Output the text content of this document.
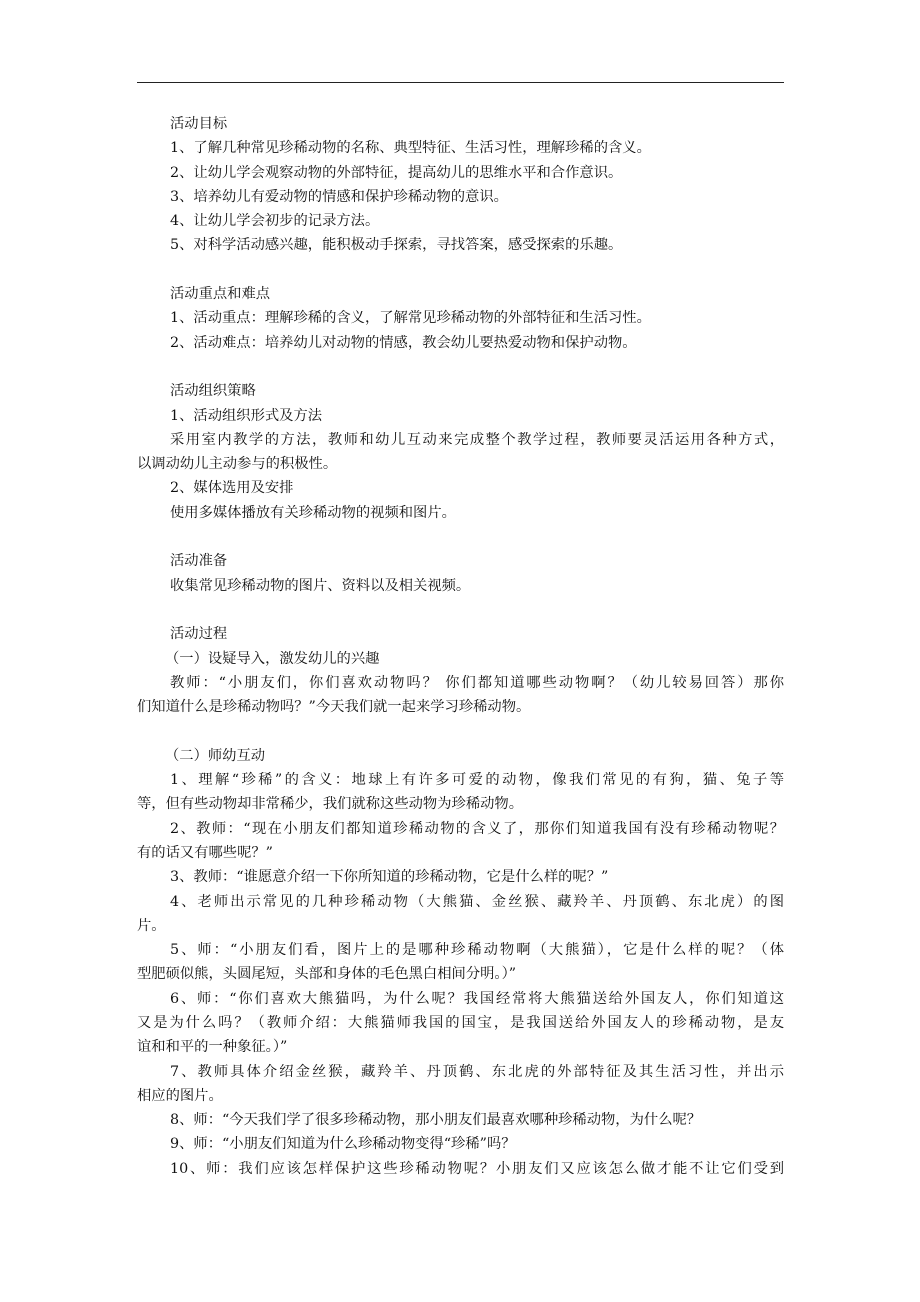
活动目标
1、了解几种常见珍稀动物的名称、典型特征、生活习性，理解珍稀的含义。
2、让幼儿学会观察动物的外部特征，提高幼儿的思维水平和合作意识。
3、培养幼儿有爱动物的情感和保护珍稀动物的意识。
4、让幼儿学会初步的记录方法。
5、对科学活动感兴趣，能积极动手探索，寻找答案，感受探索的乐趣。
活动重点和难点
1、活动重点：理解珍稀的含义，了解常见珍稀动物的外部特征和生活习性。
2、活动难点：培养幼儿对动物的情感，教会幼儿要热爱动物和保护动物。
活动组织策略
1、活动组织形式及方法
采用室内教学的方法，教师和幼儿互动来完成整个教学过程，教师要灵活运用各种方式，
以调动幼儿主动参与的积极性。
2、媒体选用及安排
使用多媒体播放有关珍稀动物的视频和图片。
活动准备
收集常见珍稀动物的图片、资料以及相关视频。
活动过程
（一）设疑导入，激发幼儿的兴趣
教师：“小朋友们，你们喜欢动物吗？ 你们都知道哪些动物啊？（幼儿较易回答）那你
们知道什么是珍稀动物吗？”今天我们就一起来学习珍稀动物。
（二）师幼互动
1、理解“珍稀”的含义：地球上有许多可爱的动物，像我们常见的有狗，猫、兔子等
等，但有些动物却非常稀少，我们就称这些动物为珍稀动物。
2、教师：“现在小朋友们都知道珍稀动物的含义了，那你们知道我国有没有珍稀动物呢？
有的话又有哪些呢？”
3、教师：“谁愿意介绍一下你所知道的珍稀动物，它是什么样的呢？”
4、老师出示常见的几种珍稀动物（大熊猫、金丝猴、藏羚羊、丹顶鹤、东北虎）的图
片。
5、师：“小朋友们看，图片上的是哪种珍稀动物啊（大熊猫），它是什么样的呢？（体
型肥硕似熊，头圆尾短，头部和身体的毛色黑白相间分明。）”
6、师：“你们喜欢大熊猫吗，为什么呢？我国经常将大熊猫送给外国友人，你们知道这
又是为什么吗？（教师介绍：大熊猫师我国的国宝，是我国送给外国友人的珍稀动物，是友
谊和和平的一种象征。）”
7、教师具体介绍金丝猴，藏羚羊、丹顶鹤、东北虎的外部特征及其生活习性，并出示
相应的图片。
8、师：“今天我们学了很多珍稀动物，那小朋友们最喜欢哪种珍稀动物，为什么呢？
9、师：“小朋友们知道为什么珍稀动物变得“珍稀”吗？
10、师：我们应该怎样保护这些珍稀动物呢？小朋友们又应该怎么做才能不让它们受到
